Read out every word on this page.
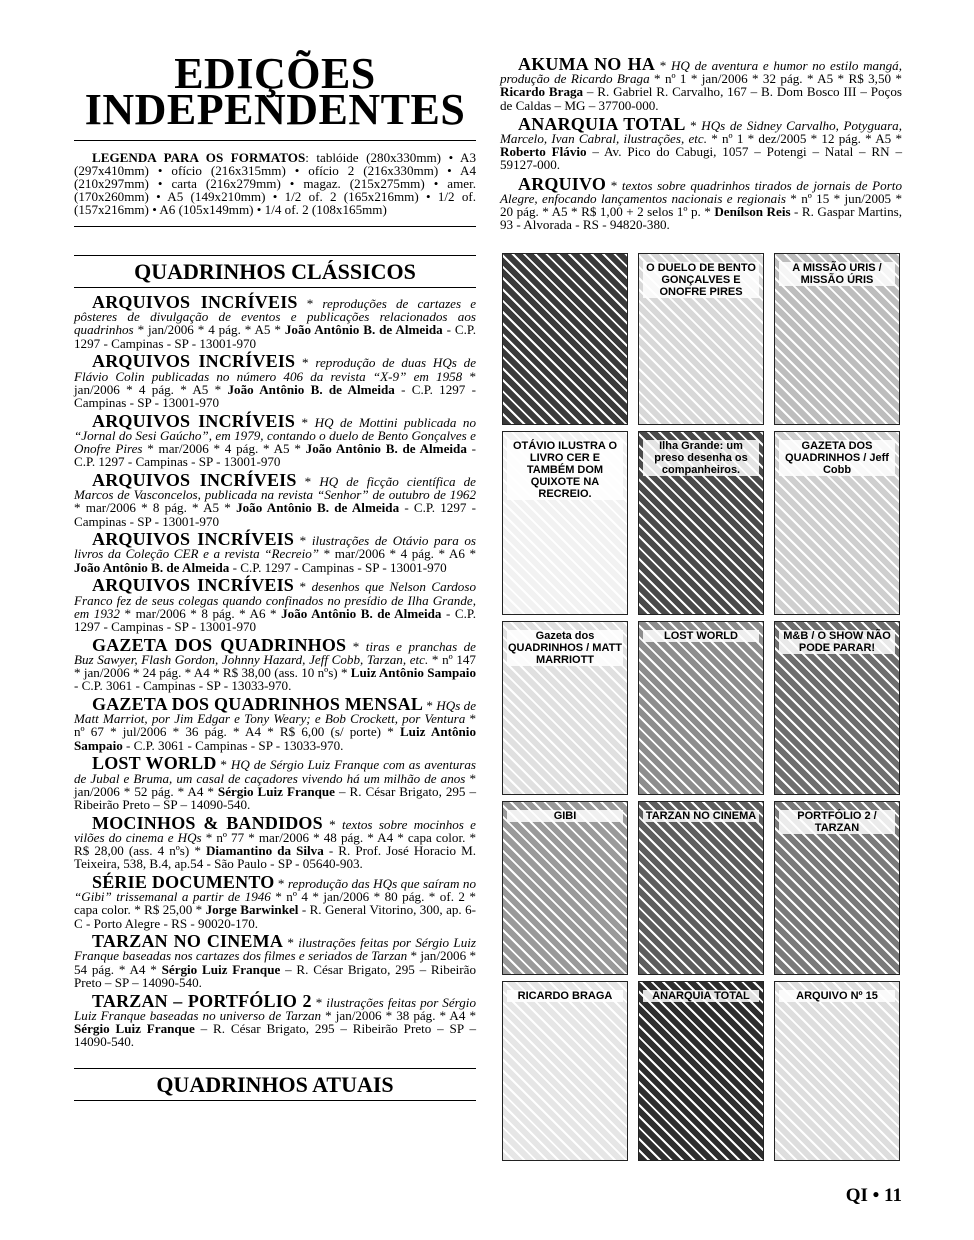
EDIÇÕES
INDEPENDENTES
LEGENDA PARA OS FORMATOS: tablóide (280x330mm) • A3 (297x410mm) • ofício (216x315mm) • ofício 2 (216x330mm) • A4 (210x297mm) • carta (216x279mm) • magaz. (215x275mm) • amer. (170x260mm) • A5 (149x210mm) • 1/2 of. 2 (165x216mm) • 1/2 of. (157x216mm) • A6 (105x149mm) • 1/4 of. 2 (108x165mm)
QUADRINHOS CLÁSSICOS
ARQUIVOS INCRÍVEIS * reproduções de cartazes e pôsteres de divulgação de eventos e publicações relacionados aos quadrinhos * jan/2006 * 4 pág. * A5 * João Antônio B. de Almeida - C.P. 1297 - Campinas - SP - 13001-970
ARQUIVOS INCRÍVEIS * reprodução de duas HQs de Flávio Colin publicadas no número 406 da revista “X-9” em 1958 * jan/2006 * 4 pág. * A5 * João Antônio B. de Almeida - C.P. 1297 - Campinas - SP - 13001-970
ARQUIVOS INCRÍVEIS * HQ de Mottini publicada no “Jornal do Sesi Gaúcho”, em 1979, contando o duelo de Bento Gonçalves e Onofre Pires * mar/2006 * 4 pág. * A5 * João Antônio B. de Almeida - C.P. 1297 - Campinas - SP - 13001-970
ARQUIVOS INCRÍVEIS * HQ de ficção científica de Marcos de Vasconcelos, publicada na revista “Senhor” de outubro de 1962 * mar/2006 * 8 pág. * A5 * João Antônio B. de Almeida - C.P. 1297 - Campinas - SP - 13001-970
ARQUIVOS INCRÍVEIS * ilustrações de Otávio para os livros da Coleção CER e a revista “Recreio” * mar/2006 * 4 pág. * A6 * João Antônio B. de Almeida - C.P. 1297 - Campinas - SP - 13001-970
ARQUIVOS INCRÍVEIS * desenhos que Nelson Cardoso Franco fez de seus colegas quando confinados no presídio de Ilha Grande, em 1932 * mar/2006 * 8 pág. * A6 * João Antônio B. de Almeida - C.P. 1297 - Campinas - SP - 13001-970
GAZETA DOS QUADRINHOS * tiras e pranchas de Buz Sawyer, Flash Gordon, Johnny Hazard, Jeff Cobb, Tarzan, etc. * nº 147 * jan/2006 * 24 pág. * A4 * R$ 38,00 (ass. 10 nºs) * Luiz Antônio Sampaio - C.P. 3061 - Campinas - SP - 13033-970.
GAZETA DOS QUADRINHOS MENSAL * HQs de Matt Marriot, por Jim Edgar e Tony Weary; e Bob Crockett, por Ventura * nº 67 * jul/2006 * 36 pág. * A4 * R$ 6,00 (s/ porte) * Luiz Antônio Sampaio - C.P. 3061 - Campinas - SP - 13033-970.
LOST WORLD * HQ de Sérgio Luiz Franque com as aventuras de Jubal e Bruma, um casal de caçadores vivendo há um milhão de anos * jan/2006 * 52 pág. * A4 * Sérgio Luiz Franque – R. César Brigato, 295 – Ribeirão Preto – SP – 14090-540.
MOCINHOS & BANDIDOS * textos sobre mocinhos e vilões do cinema e HQs * nº 77 * mar/2006 * 48 pág. * A4 * capa color. * R$ 28,00 (ass. 4 nºs) * Diamantino da Silva - R. Prof. José Horacio M. Teixeira, 538, B.4, ap.54 - São Paulo - SP - 05640-903.
SÉRIE DOCUMENTO * reprodução das HQs que saíram no “Gibi” trissemanal a partir de 1946 * nº 4 * jan/2006 * 80 pág. * of. 2 * capa color. * R$ 25,00 * Jorge Barwinkel - R. General Vitorino, 300, ap. 6-C - Porto Alegre - RS - 90020-170.
TARZAN NO CINEMA * ilustrações feitas por Sérgio Luiz Franque baseadas nos cartazes dos filmes e seriados de Tarzan * jan/2006 * 54 pág. * A4 * Sérgio Luiz Franque – R. César Brigato, 295 – Ribeirão Preto – SP – 14090-540.
TARZAN – PORTFÓLIO 2 * ilustrações feitas por Sérgio Luiz Franque baseadas no universo de Tarzan * jan/2006 * 38 pág. * A4 * Sérgio Luiz Franque – R. César Brigato, 295 – Ribeirão Preto – SP – 14090-540.
QUADRINHOS ATUAIS
AKUMA NO HA * HQ de aventura e humor no estilo mangá, produção de Ricardo Braga * nº 1 * jan/2006 * 32 pág. * A5 * R$ 3,50 * Ricardo Braga – R. Gabriel R. Carvalho, 167 – B. Dom Bosco III – Poços de Caldas – MG – 37700-000.
ANARQUIA TOTAL * HQs de Sidney Carvalho, Potyguara, Marcelo, Ivan Cabral, ilustrações, etc. * nº 1 * dez/2005 * 12 pág. * A5 * Roberto Flávio – Av. Pico do Cabugi, 1057 – Potengi – Natal – RN – 59127-000.
ARQUIVO * textos sobre quadrinhos tirados de jornais de Porto Alegre, enfocando lançamentos nacionais e regionais * nº 15 * jun/2005 * 20 pág. * A5 * R$ 1,00 + 2 selos 1º p. * Denílson Reis - R. Gaspar Martins, 93 - Alvorada - RS - 94820-380.
O DUELO DE BENTO GONÇALVES E ONOFRE PIRES
A MISSÃO URIS / MISSÃO ÚRIS
OTÁVIO ILUSTRA O LIVRO CER E TAMBÉM DOM QUIXOTE NA RECREIO.
Ilha Grande: um preso desenha os companheiros.
GAZETA DOS QUADRINHOS / Jeff Cobb
Gazeta dos QUADRINHOS / MATT MARRIOTT
LOST WORLD	M&B / O SHOW NÃO PODE PARAR!
GIBI	TARZAN NO CINEMA	PORTFÓLIO 2 / TARZAN
RICARDO BRAGA	ANARQUIA TOTAL	ARQUIVO Nº 15
QI • 11
